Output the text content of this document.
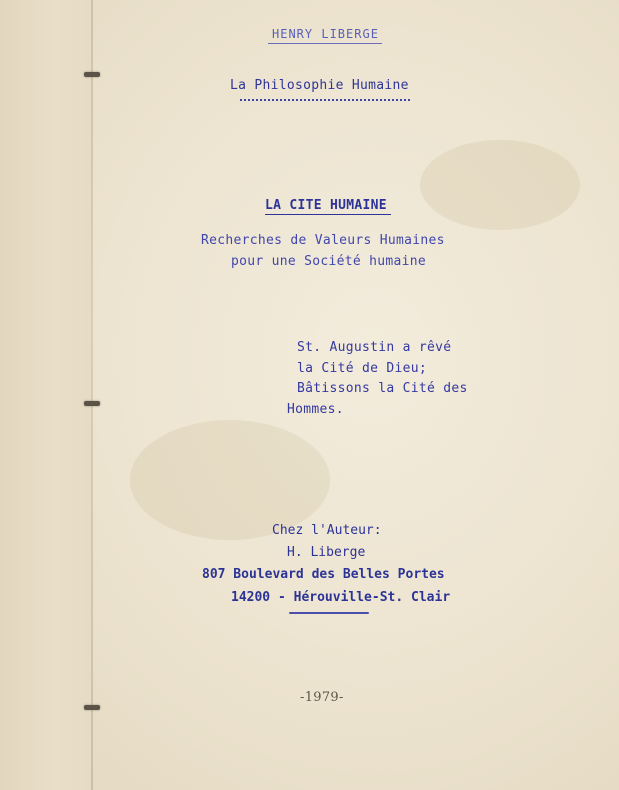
HENRY LIBERGE
La Philosophie Humaine
LA CITE HUMAINE
Recherches de Valeurs Humaines
pour une Société humaine
St. Augustin a rêvé
la Cité de Dieu;
Bâtissons la Cité des
Hommes.
Chez l'Auteur:
H. Liberge
807 Boulevard des Belles Portes
14200 - Hérouville-St. Clair
-1979-
